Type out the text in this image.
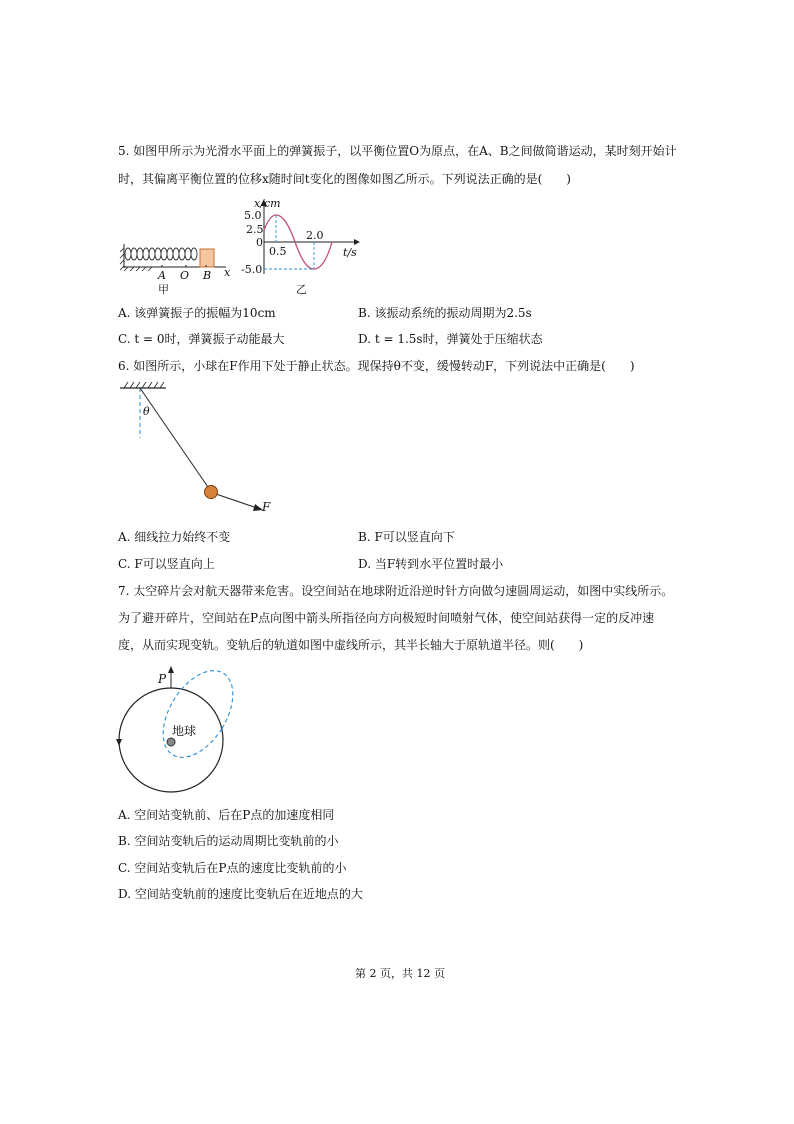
5. 如图甲所示为光滑水平面上的弹簧振子，以平衡位置O为原点，在A、B之间做简谐运动，某时刻开始计
时，其偏离平衡位置的位移x随时间t变化的图像如图乙所示。下列说法正确的是(　　)
A O B x
甲
x/cm
5.0
2.5
0
-5.0
0.5
2.0
t/s
乙
A. 该弹簧振子的振幅为10cm	B. 该振动系统的振动周期为2.5s
C. t = 0时，弹簧振子动能最大	D. t = 1.5s时，弹簧处于压缩状态
6. 如图所示，小球在F作用下处于静止状态。现保持θ不变，缓慢转动F，下列说法中正确是(　　)
θ
F
A. 细线拉力始终不变	B. F可以竖直向下
C. F可以竖直向上	D. 当F转到水平位置时最小
7. 太空碎片会对航天器带来危害。设空间站在地球附近沿逆时针方向做匀速圆周运动，如图中实线所示。
为了避开碎片，空间站在P点向图中箭头所指径向方向极短时间喷射气体，使空间站获得一定的反冲速
度，从而实现变轨。变轨后的轨道如图中虚线所示，其半长轴大于原轨道半径。则(　　)
P
地球
A. 空间站变轨前、后在P点的加速度相同
B. 空间站变轨后的运动周期比变轨前的小
C. 空间站变轨后在P点的速度比变轨前的小
D. 空间站变轨前的速度比变轨后在近地点的大
第 2 页，共 12 页
